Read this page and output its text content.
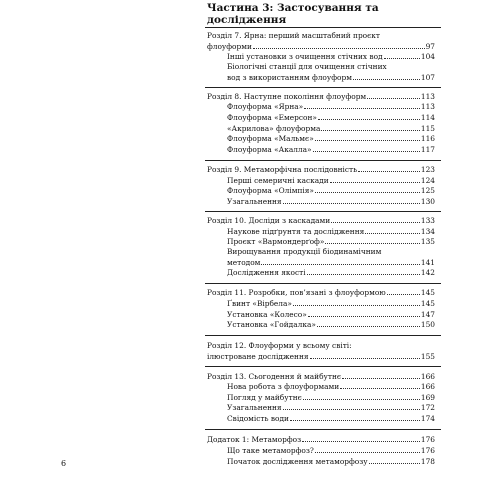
Частина 3: Застосування та
дослідження
Розділ 7. Ярна: перший масштабний проєкт
флоуформи	97
Інші установки з очищення стічних вод	104
Біологічні станції для очищення стічних
вод з використанням флоуформ	107
Розділ 8. Наступне покоління флоуформ	113
Флоуформа «Ярна»	113
Флоуформа «Емерсон»	114
«Акрилова» флоуформа	115
Флоуформа «Мальмє»	116
Флоуформа «Акалла»	117
Розділ 9. Метаморфічна послідовність	123
Перші семеричні каскади	124
Флоуформа «Олімпія»	125
Узагальнення	130
Розділ 10. Досліди з каскадами	133
Наукове підґрунтя та дослідження	134
Проєкт «Вармондерґоф»	135
Вирощування продукції біодинамічним
методом	141
Дослідження якості	142
Розділ 11. Розробки, пов’язані з флоуформою	145
Ґвинт «Вірбела»	145
Установка «Колесо»	147
Установка «Гойдалка»	150
Розділ 12. Флоуформи у всьому світі:
ілюстроване дослідження	155
Розділ 13. Сьогодення й майбутнє	166
Нова робота з флоуформами	166
Погляд у майбутнє	169
Узагальнення	172
Свідомість води	174
Додаток 1: Метаморфоз	176
Що таке метаморфоз?	176
Початок дослідження метаморфозу	178
6
